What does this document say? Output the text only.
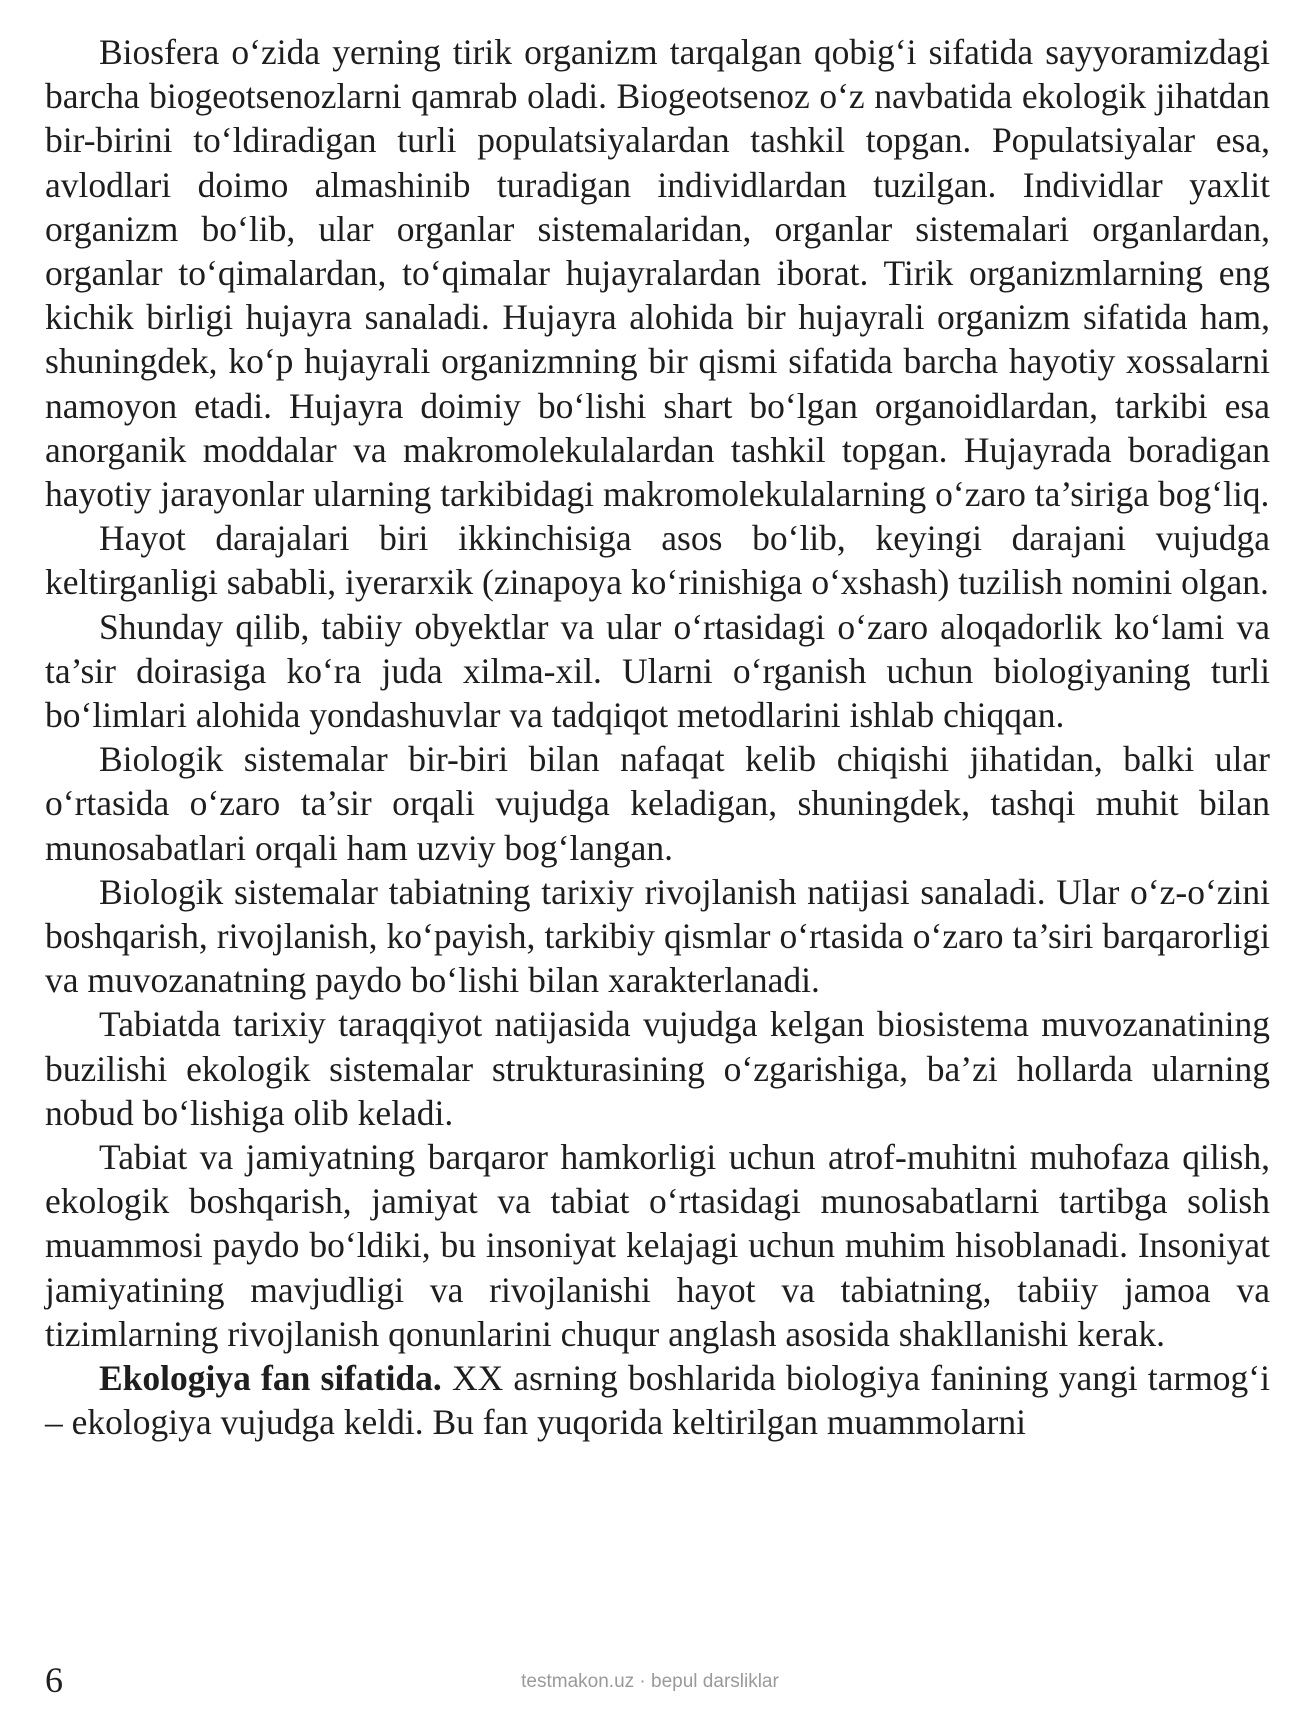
Biosfera o‘zida yerning tirik organizm tarqalgan qobig‘i sifatida sayyoramizdagi barcha biogeotsenozlarni qamrab oladi. Biogeotsenoz o‘z navbatida ekologik jihatdan bir-birini to‘ldiradigan turli populatsiyalardan tashkil topgan. Populatsiyalar esa, avlodlari doimo almashinib turadigan individlardan tuzilgan. Individlar yaxlit organizm bo‘lib, ular organlar sistemalaridan, organlar sistemalari organlardan, organlar to‘qimalardan, to‘qimalar hujayralardan iborat. Tirik organizmlarning eng kichik birligi hujayra sanaladi. Hujayra alohida bir hujayrali organizm sifatida ham, shuningdek, ko‘p hujayrali organizmning bir qismi sifatida barcha hayotiy xossalarni namoyon etadi. Hujayra doimiy bo‘lishi shart bo‘lgan organoidlardan, tarkibi esa anorganik moddalar va makromolekulalardan tashkil topgan. Hujayrada boradigan hayotiy jarayonlar ularning tarkibidagi makromolekulalarning o‘zaro ta’siriga bog‘liq.

Hayot darajalari biri ikkinchisiga asos bo‘lib, keyingi darajani vujudga keltirganligi sababli, iyerarxik (zinapoya ko‘rinishiga o‘xshash) tuzilish nomini olgan.

Shunday qilib, tabiiy obyektlar va ular o‘rtasidagi o‘zaro aloqadorlik ko‘lami va ta’sir doirasiga ko‘ra juda xilma-xil. Ularni o‘rganish uchun biologiyaning turli bo‘limlari alohida yondashuvlar va tadqiqot metodlarini ishlab chiqqan.

Biologik sistemalar bir-biri bilan nafaqat kelib chiqishi jihatidan, balki ular o‘rtasida o‘zaro ta’sir orqali vujudga keladigan, shuningdek, tashqi muhit bilan munosabatlari orqali ham uzviy bog‘langan.

Biologik sistemalar tabiatning tarixiy rivojlanish natijasi sanaladi. Ular o‘z-o‘zini boshqarish, rivojlanish, ko‘payish, tarkibiy qismlar o‘rtasida o‘zaro ta’siri barqarorligi va muvozanatning paydo bo‘lishi bilan xarakterlanadi.

Tabiatda tarixiy taraqqiyot natijasida vujudga kelgan biosistema muvozanatining buzilishi ekologik sistemalar strukturasining o‘zgarishiga, ba’zi hollarda ularning nobud bo‘lishiga olib keladi.

Tabiat va jamiyatning barqaror hamkorligi uchun atrof-muhitni muhofaza qilish, ekologik boshqarish, jamiyat va tabiat o‘rtasidagi munosabatlarni tartibga solish muammosi paydo bo‘ldiki, bu insoniyat kelajagi uchun muhim hisoblanadi. Insoniyat jamiyatining mavjudligi va rivojlanishi hayot va tabiatning, tabiiy jamoa va tizimlarning rivojlanish qonunlarini chuqur anglash asosida shakllanishi kerak.

Ekologiya fan sifatida. XX asrning boshlarida biologiya fanining yangi tarmog‘i – ekologiya vujudga keldi. Bu fan yuqorida keltirilgan muammolarni

6	testmakon.uz · bepul darsliklar
